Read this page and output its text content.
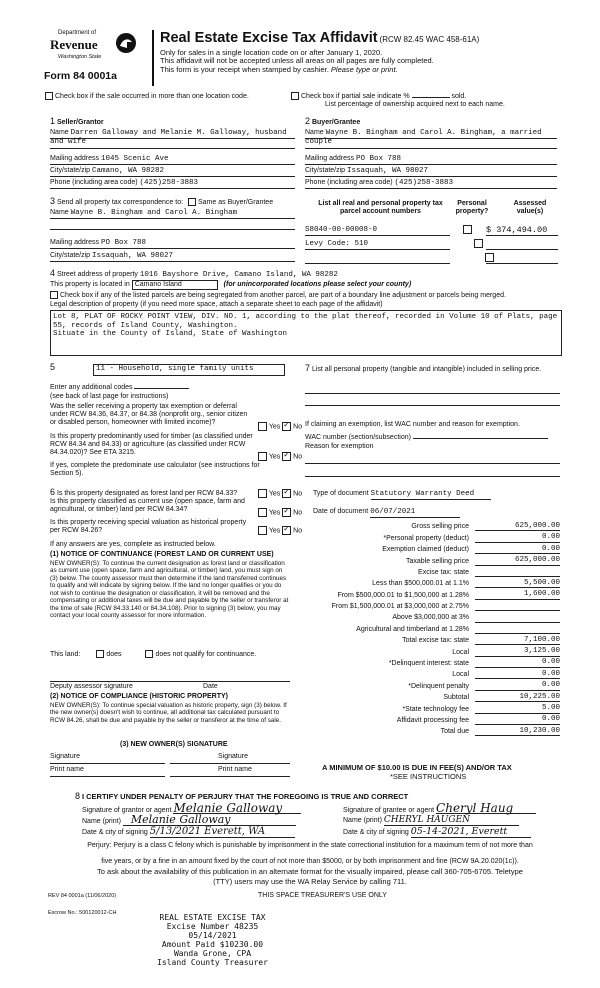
Department of
Revenue
Washington State
Form 84 0001a
Real Estate Excise Tax Affidavit (RCW 82.45 WAC 458-61A)
Only for sales in a single location code on or after January 1, 2020.
This affidavit will not be accepted unless all areas on all pages are fully completed.
This form is your receipt when stamped by cashier. Please type or print.
Check box if the sale occurred in more than one location code.	Check box if partial sale indicate %	sold.
List percentage of ownership acquired next to each name.
1 Seller/Grantor
Name Darren Galloway and Melanie M. Galloway, husband and wife
Mailing address 1045 Scenic Ave
City/state/zip Camano, WA 98282
Phone (including area code) (425)258-3883
2 Buyer/Grantee
Name Wayne B. Bingham and Carol A. Bingham, a married couple
Mailing address PO Box 788
City/state/zip Issaquah, WA 98027
Phone (including area code) (425)258-3883
3 Send all property tax correspondence to: Same as Buyer/Grantee
Name Wayne B. Bingham and Carol A. Bingham
Mailing address PO Box 788
City/state/zip Issaquah, WA 98027
List all real and personal property tax parcel account numbers
Personal property?
Assessed value(s)
S8040-00-00008-0
	$ 374,494.00
Levy Code: 510

4 Street address of property 1016 Bayshore Drive, Camano Island, WA 98282
This property is located in Camano Island	(for unincorporated locations please select your county)
Check box if any of the listed parcels are being segregated from another parcel, are part of a boundary line adjustment or parcels being merged.
Legal description of property (if you need more space, attach a separate sheet to each page of the affidavit)
Lot 8, PLAT OF ROCKY POINT VIEW, DIV. NO. 1, according to the plat thereof, recorded in Volume 10 of Plats, page 55, records of Island County, Washington.
Situate in the County of Island, State of Washington
5	11 - Household, single family units
Enter any additional codes
(see back of last page for instructions)
Was the seller receiving a property tax exemption or deferral under RCW 84.36, 84.37, or 84.38 (nonprofit org., senior citizen or disabled person, homeowner with limited income)?
Yes ✓ No
Is this property predominantly used for timber (as classified under RCW 84.34 and 84.33) or agriculture (as classified under RCW 84.34.020)? See ETA 3215.
Yes ✓ No
If yes, complete the predominate use calculator (see instructions for Section 5).
7 List all personal property (tangible and intangible) included in selling price.
If claiming an exemption, list WAC number and reason for exemption.
WAC number (section/subsection)
Reason for exemption
6 Is this property designated as forest land per RCW 84.33?	Yes ✓ No
Is this property classified as current use (open space, farm and agricultural, or timber) land per RCW 84.34?	Yes ✓ No
Is this property receiving special valuation as historical property per RCW 84.26?	Yes ✓ No
If any answers are yes, complete as instructed below.
(1) NOTICE OF CONTINUANCE (FOREST LAND OR CURRENT USE)
NEW OWNER(S): To continue the current designation as forest land or classification as current use (open space, farm and agricultural, or timber) land, you must sign on (3) below. The county assessor must then determine if the land transferred continues to qualify and will indicate by signing below. If the land no longer qualifies or you do not wish to continue the designation or classification, it will be removed and the compensating or additional taxes will be due and payable by the seller or transferor at the time of sale (RCW 84.33.140 or 84.34.108). Prior to signing (3) below, you may contact your local county assessor for more information.
This land:	does	does not qualify for continuance.
Deputy assessor signature	Date
(2) NOTICE OF COMPLIANCE (HISTORIC PROPERTY)
NEW OWNER(S): To continue special valuation as historic property, sign (3) below. If the new owner(s) doesn't wish to continue, all additional tax calculated pursuant to RCW 84.26, shall be due and payable by the seller or transferor at the time of sale.
(3) NEW OWNER(S) SIGNATURE
Signature	Signature
Print name	Print name
Type of document Statutory Warranty Deed
Date of document 06/07/2021
Gross selling price	625,000.00
*Personal property (deduct)	0.00
Exemption claimed (deduct)	0.00
Taxable selling price	625,000.00
Excise tax: state
Less than $500,000.01 at 1.1%	5,500.00
From $500,000.01 to $1,500,000 at 1.28%	1,600.00
From $1,500,000.01 at $3,000,000 at 2.75%
Above $3,000,000 at 3%
Agricultural and timberland at 1.28%
Total excise tax: state	7,100.00
Local	3,125.00
*Delinquent interest: state	0.00
Local	0.00
*Delinquent penalty	0.00
Subtotal	10,225.00
*State technology fee	5.00
Affidavit processing fee	0.00
Total due	10,230.00
A MINIMUM OF $10.00 IS DUE IN FEE(S) AND/OR TAX
*SEE INSTRUCTIONS
8 I CERTIFY UNDER PENALTY OF PERJURY THAT THE FOREGOING IS TRUE AND CORRECT
Signature of grantor or agent Melanie Galloway
Name (print) Melanie Galloway
Date & city of signing 5/13/2021 Everett, WA
Signature of grantee or agent Cheryl Haug
Name (print) CHERYL HAUGEN
Date & city of signing 05-14-2021, Everett
Perjury: Perjury is a class C felony which is punishable by imprisonment in the state correctional institution for a maximum term of not more than
five years, or by a fine in an amount fixed by the court of not more than $5000, or by both imprisonment and fine (RCW 9A.20.020(1c)).
To ask about the availability of this publication in an alternate format for the visually impaired, please call 360-705-6705. Teletype
(TTY) users may use the WA Relay Service by calling 711.
REV 84 0001a (11/06/2020)	THIS SPACE TREASURER'S USE ONLY
Escrow No.: 500120012-CH	REAL ESTATE EXCISE TAX
Excise Number 48235
05/14/2021
Amount Paid $10230.00
Wanda Grone, CPA
Island County Treasurer
